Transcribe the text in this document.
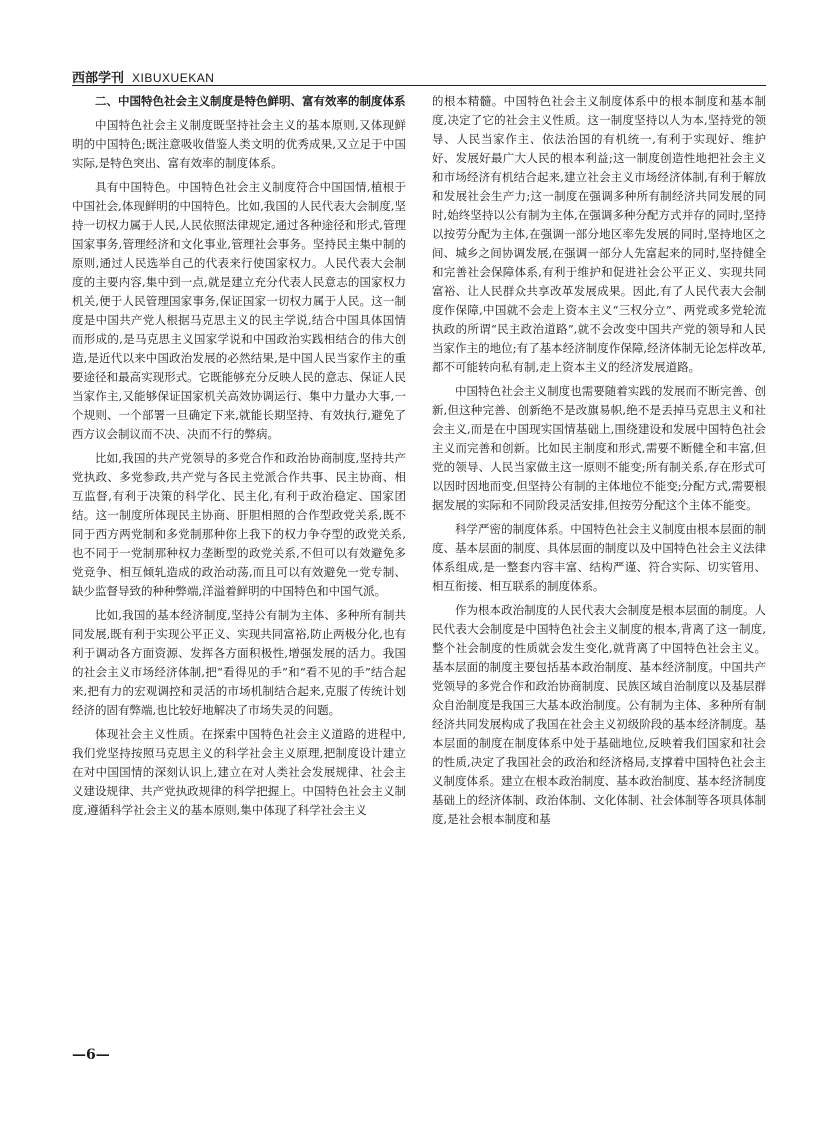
西部学刊 XIBUXUEKAN

二、中国特色社会主义制度是特色鲜明、富有效率的制度体系

中国特色社会主义制度既坚持社会主义的基本原则,又体现鲜明的中国特色;既注意吸收借鉴人类文明的优秀成果,又立足于中国实际,是特色突出、富有效率的制度体系。

具有中国特色。中国特色社会主义制度符合中国国情,植根于中国社会,体现鲜明的中国特色。比如,我国的人民代表大会制度,坚持一切权力属于人民,人民依照法律规定,通过各种途径和形式,管理国家事务,管理经济和文化事业,管理社会事务。坚持民主集中制的原则,通过人民选举自己的代表来行使国家权力。人民代表大会制度的主要内容,集中到一点,就是建立充分代表人民意志的国家权力机关,便于人民管理国家事务,保证国家一切权力属于人民。这一制度是中国共产党人根据马克思主义的民主学说,结合中国具体国情而形成的,是马克思主义国家学说和中国政治实践相结合的伟大创造,是近代以来中国政治发展的必然结果,是中国人民当家作主的重要途径和最高实现形式。它既能够充分反映人民的意志、保证人民当家作主,又能够保证国家机关高效协调运行、集中力量办大事,一个规则、一个部署一旦确定下来,就能长期坚持、有效执行,避免了西方议会制议而不决、决而不行的弊病。

比如,我国的共产党领导的多党合作和政治协商制度,坚持共产党执政、多党参政,共产党与各民主党派合作共事、民主协商、相互监督,有利于决策的科学化、民主化,有利于政治稳定、国家团结。这一制度所体现民主协商、肝胆相照的合作型政党关系,既不同于西方两党制和多党制那种你上我下的权力争夺型的政党关系,也不同于一党制那种权力垄断型的政党关系,不但可以有效避免多党竞争、相互倾轧造成的政治动荡,而且可以有效避免一党专制、缺少监督导致的种种弊端,洋溢着鲜明的中国特色和中国气派。

比如,我国的基本经济制度,坚持公有制为主体、多种所有制共同发展,既有利于实现公平正义、实现共同富裕,防止两极分化,也有利于调动各方面资源、发挥各方面积极性,增强发展的活力。我国的社会主义市场经济体制,把“看得见的手”和“看不见的手”结合起来,把有力的宏观调控和灵活的市场机制结合起来,克服了传统计划经济的固有弊端,也比较好地解决了市场失灵的问题。

体现社会主义性质。在探索中国特色社会主义道路的进程中,我们党坚持按照马克思主义的科学社会主义原理,把制度设计建立在对中国国情的深刻认识上,建立在对人类社会发展规律、社会主义建设规律、共产党执政规律的科学把握上。中国特色社会主义制度,遵循科学社会主义的基本原则,集中体现了科学社会主义

的根本精髓。中国特色社会主义制度体系中的根本制度和基本制度,决定了它的社会主义性质。这一制度坚持以人为本,坚持党的领导、人民当家作主、依法治国的有机统一,有利于实现好、维护好、发展好最广大人民的根本利益;这一制度创造性地把社会主义和市场经济有机结合起来,建立社会主义市场经济体制,有利于解放和发展社会生产力;这一制度在强调多种所有制经济共同发展的同时,始终坚持以公有制为主体,在强调多种分配方式并存的同时,坚持以按劳分配为主体,在强调一部分地区率先发展的同时,坚持地区之间、城乡之间协调发展,在强调一部分人先富起来的同时,坚持健全和完善社会保障体系,有利于维护和促进社会公平正义、实现共同富裕、让人民群众共享改革发展成果。因此,有了人民代表大会制度作保障,中国就不会走上资本主义“三权分立”、两党或多党轮流执政的所谓“民主政治道路”,就不会改变中国共产党的领导和人民当家作主的地位;有了基本经济制度作保障,经济体制无论怎样改革,都不可能转向私有制,走上资本主义的经济发展道路。

中国特色社会主义制度也需要随着实践的发展而不断完善、创新,但这种完善、创新绝不是改旗易帜,绝不是丢掉马克思主义和社会主义,而是在中国现实国情基础上,围绕建设和发展中国特色社会主义而完善和创新。比如民主制度和形式,需要不断健全和丰富,但党的领导、人民当家做主这一原则不能变;所有制关系,存在形式可以因时因地而变,但坚持公有制的主体地位不能变;分配方式,需要根据发展的实际和不同阶段灵活安排,但按劳分配这个主体不能变。

科学严密的制度体系。中国特色社会主义制度由根本层面的制度、基本层面的制度、具体层面的制度以及中国特色社会主义法律体系组成,是一整套内容丰富、结构严谨、符合实际、切实管用、相互衔接、相互联系的制度体系。

作为根本政治制度的人民代表大会制度是根本层面的制度。人民代表大会制度是中国特色社会主义制度的根本,背离了这一制度,整个社会制度的性质就会发生变化,就背离了中国特色社会主义。基本层面的制度主要包括基本政治制度、基本经济制度。中国共产党领导的多党合作和政治协商制度、民族区域自治制度以及基层群众自治制度是我国三大基本政治制度。公有制为主体、多种所有制经济共同发展构成了我国在社会主义初级阶段的基本经济制度。基本层面的制度在制度体系中处于基础地位,反映着我们国家和社会的性质,决定了我国社会的政治和经济格局,支撑着中国特色社会主义制度体系。建立在根本政治制度、基本政治制度、基本经济制度基础上的经济体制、政治体制、文化体制、社会体制等各项具体制度,是社会根本制度和基

—6—
